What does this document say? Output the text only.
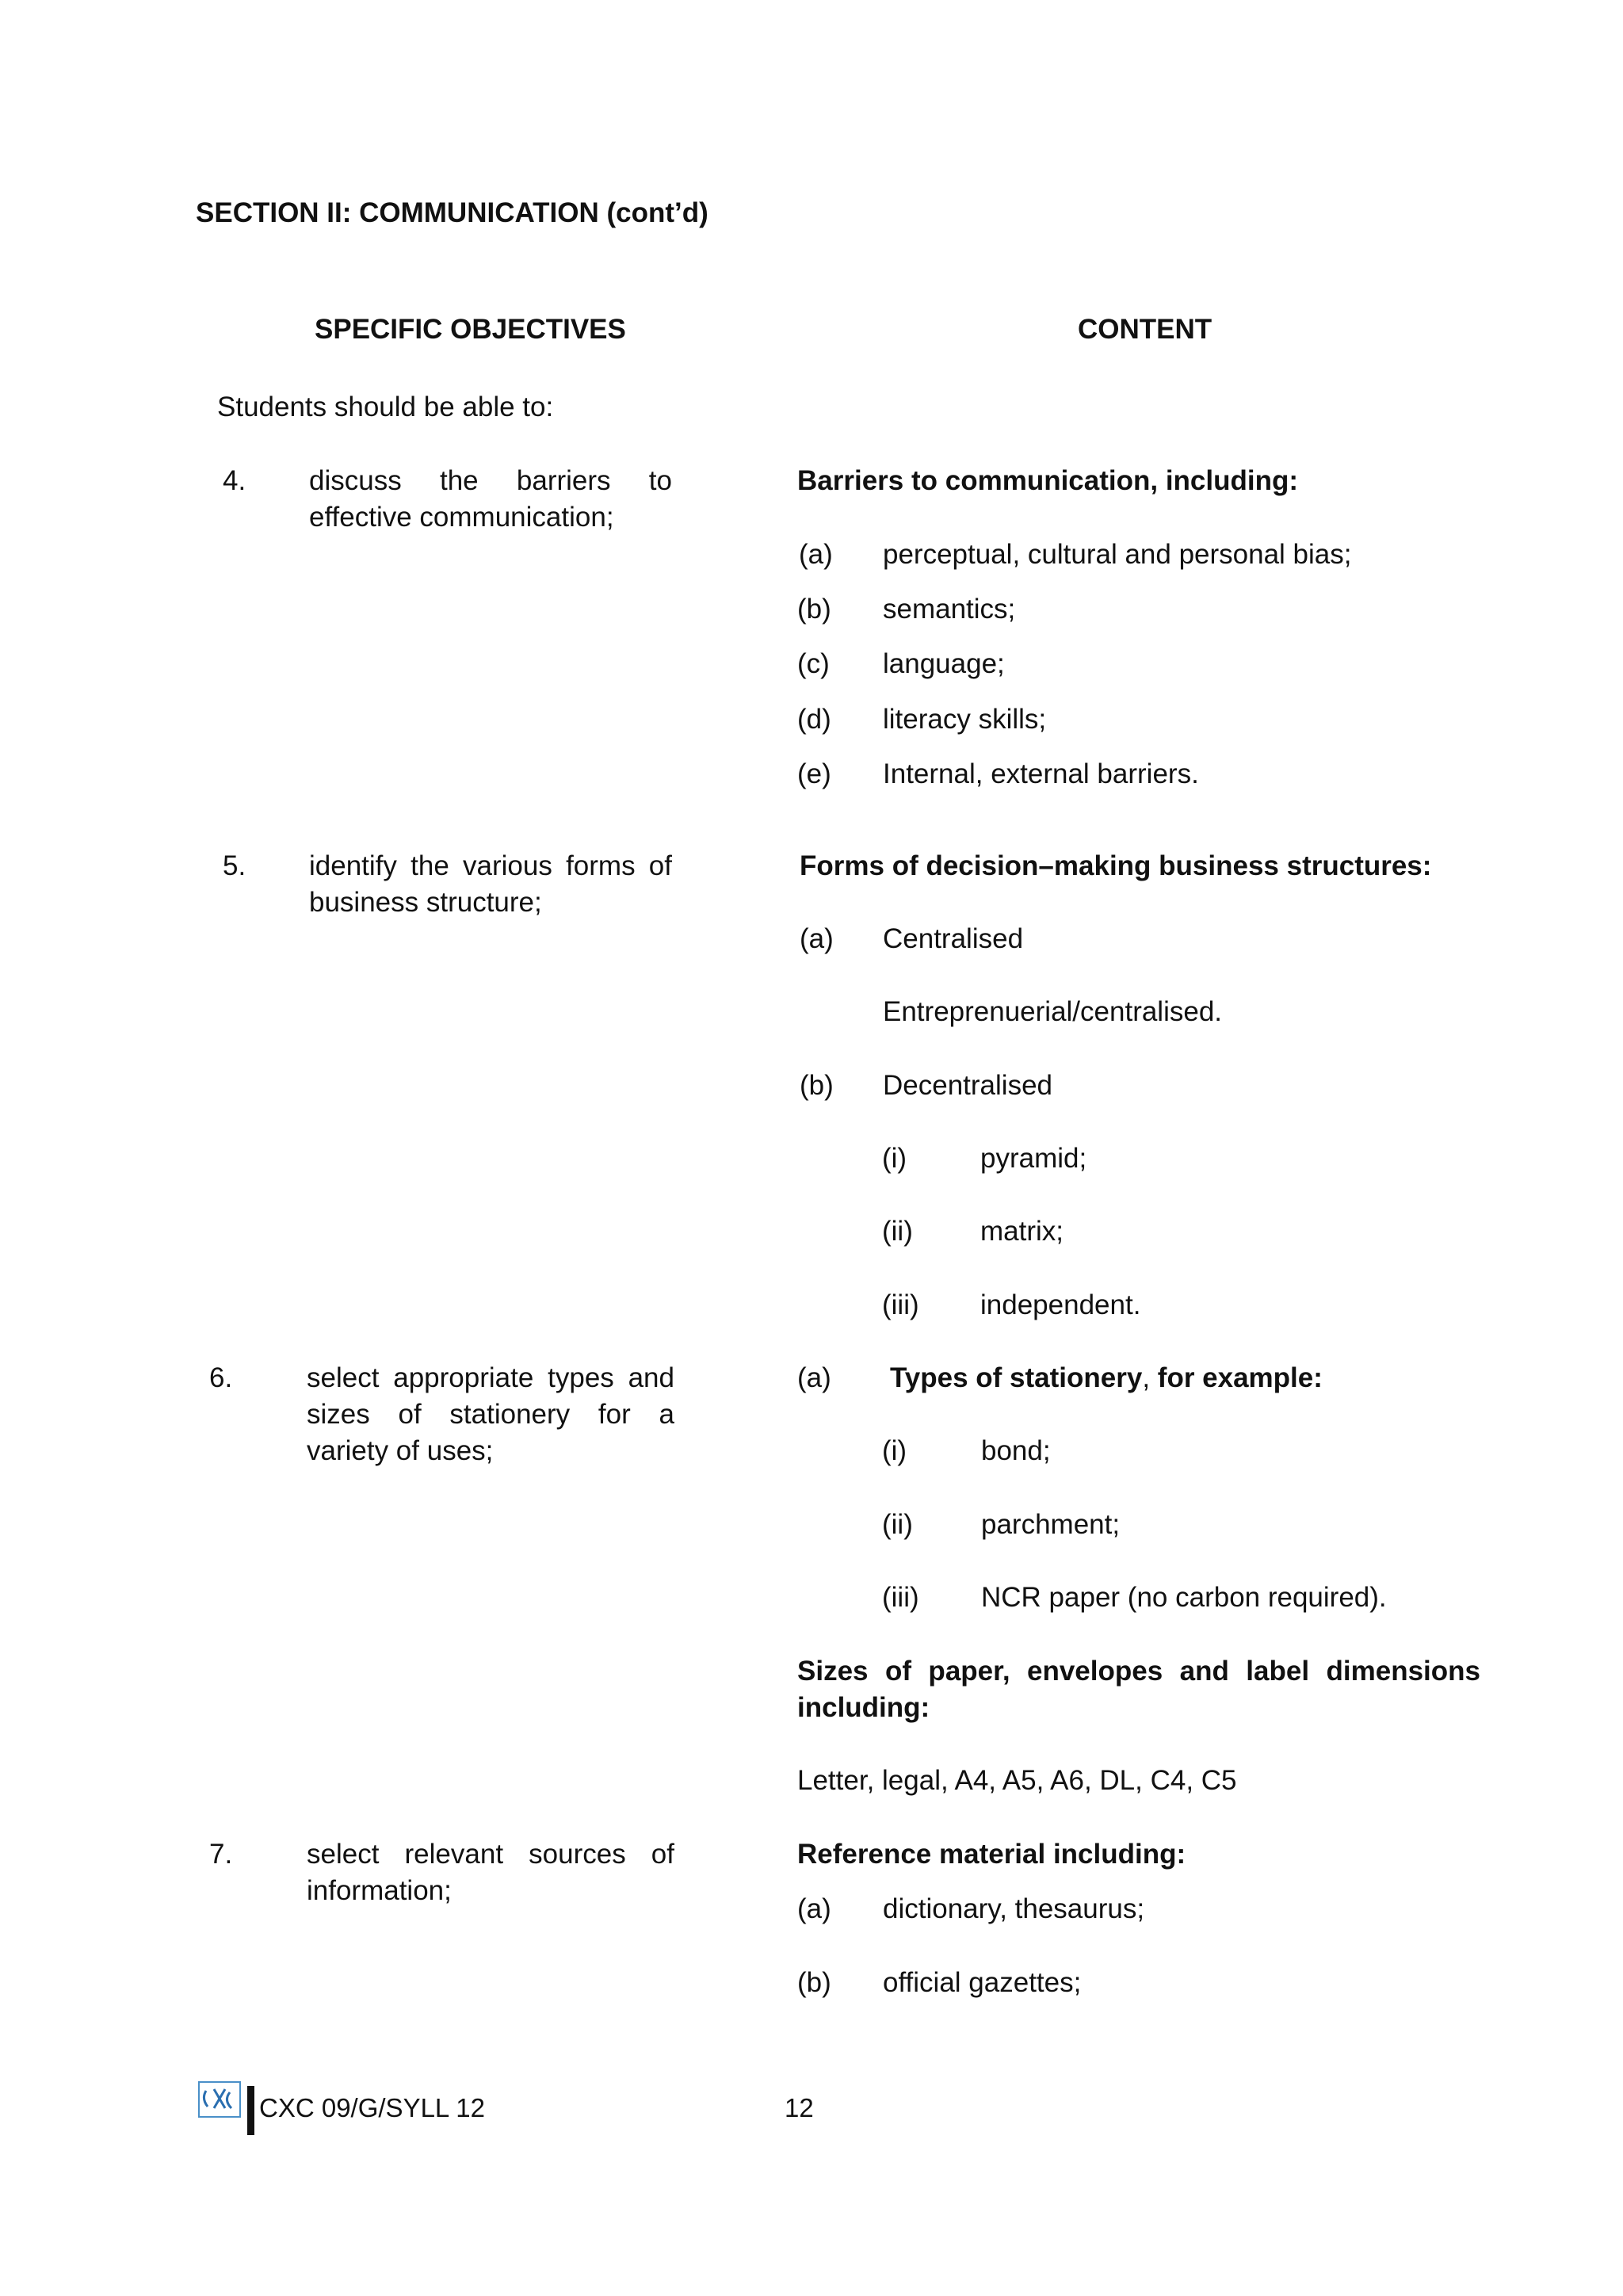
SECTION II: COMMUNICATION (cont’d)
SPECIFIC OBJECTIVES	CONTENT
Students should be able to:
4. discuss the barriers to
effective communication;
Barriers to communication, including:
(a) perceptual, cultural and personal bias;
(b) semantics;
(c) language;
(d) literacy skills;
(e) Internal, external barriers.
5. identify the various forms of
business structure;
Forms of decision–making business structures:
(a) Centralised
Entreprenuerial/centralised.
(b) Decentralised
(i)	pyramid;
(ii) matrix;
(iii) independent.
6.	select appropriate types and
sizes of stationery for a
variety of uses;
(a) Types of stationery, for example:
(i)	bond;
(ii) parchment;
(iii) NCR paper (no carbon required).
Sizes of paper, envelopes and label dimensions
including:
Letter, legal, A4, A5, A6, DL, C4, C5
7.	select relevant sources of
information;
Reference material including:
(a) dictionary, thesaurus;
(b) official gazettes;
CXC 09/G/SYLL 12	12
